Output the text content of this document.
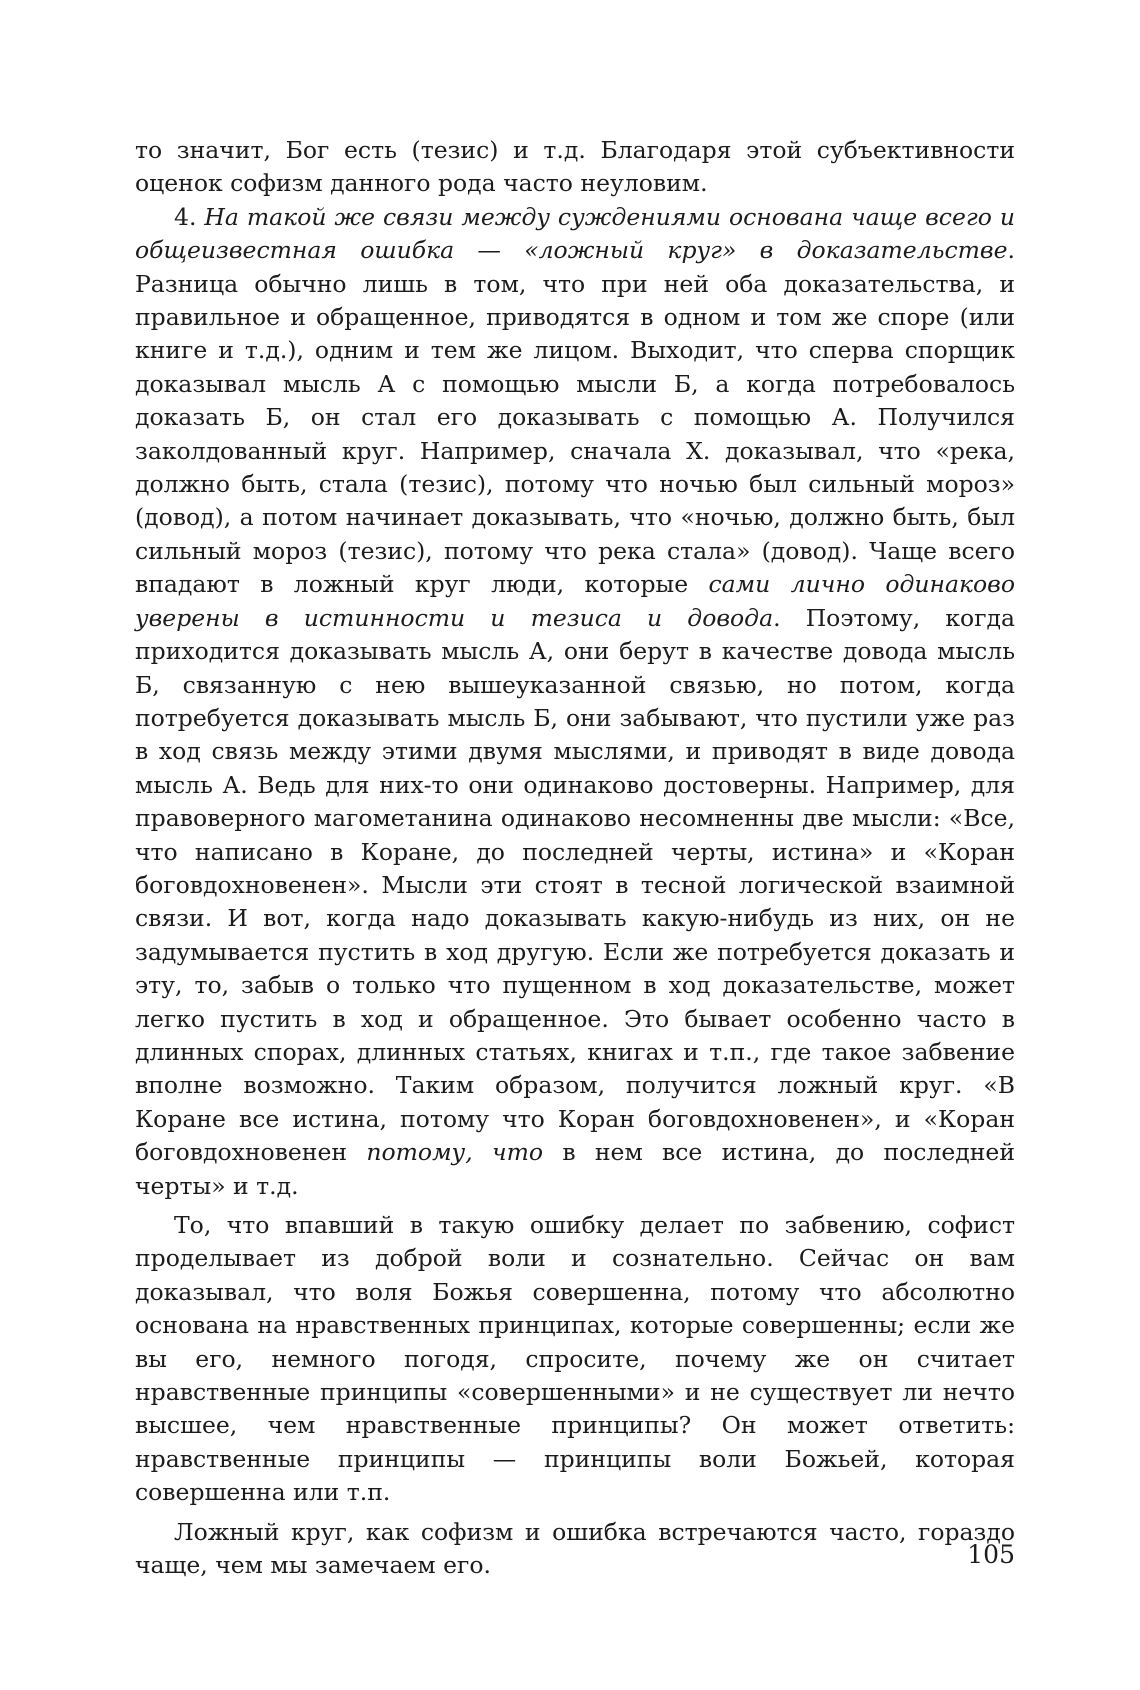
то значит, Бог есть (тезис) и т.д. Благодаря этой субъективности оценок софизм данного рода часто неуловим.

4. На такой же связи между суждениями основана чаще всего и общеизвестная ошибка — «ложный круг» в доказательстве. Разница обычно лишь в том, что при ней оба доказательства, и правильное и обращенное, приводятся в одном и том же споре (или книге и т.д.), одним и тем же лицом. Выходит, что сперва спорщик доказывал мысль А с помощью мысли Б, а когда потребовалось доказать Б, он стал его доказывать с помощью А. Получился заколдованный круг. Например, сначала Х. доказывал, что «река, должно быть, стала (тезис), потому что ночью был сильный мороз» (довод), а потом начинает доказывать, что «ночью, должно быть, был сильный мороз (тезис), потому что река стала» (довод). Чаще всего впадают в ложный круг люди, которые сами лично одинаково уверены в истинности и тезиса и довода. Поэтому, когда приходится доказывать мысль А, они берут в качестве довода мысль Б, связанную с нею вышеуказанной связью, но потом, когда потребуется доказывать мысль Б, они забывают, что пустили уже раз в ход связь между этими двумя мыслями, и приводят в виде довода мысль А. Ведь для них-то они одинаково достоверны. Например, для правоверного магометанина одинаково несомненны две мысли: «Все, что написано в Коране, до последней черты, истина» и «Коран боговдохновенен». Мысли эти стоят в тесной логической взаимной связи. И вот, когда надо доказывать какую-нибудь из них, он не задумывается пустить в ход другую. Если же потребуется доказать и эту, то, забыв о только что пущенном в ход доказательстве, может легко пустить в ход и обращенное. Это бывает особенно часто в длинных спорах, длинных статьях, книгах и т.п., где такое забвение вполне возможно. Таким образом, получится ложный круг. «В Коране все истина, потому что Коран боговдохновенен», и «Коран боговдохновенен потому, что в нем все истина, до последней черты» и т.д.

То, что впавший в такую ошибку делает по забвению, софист проделывает из доброй воли и сознательно. Сейчас он вам доказывал, что воля Божья совершенна, потому что абсолютно основана на нравственных принципах, которые совершенны; если же вы его, немного погодя, спросите, почему же он считает нравственные принципы «совершенными» и не существует ли нечто высшее, чем нравственные принципы? Он может ответить: нравственные принципы — принципы воли Божьей, которая совершенна или т.п.

Ложный круг, как софизм и ошибка встречаются часто, гораздо чаще, чем мы замечаем его.	105
